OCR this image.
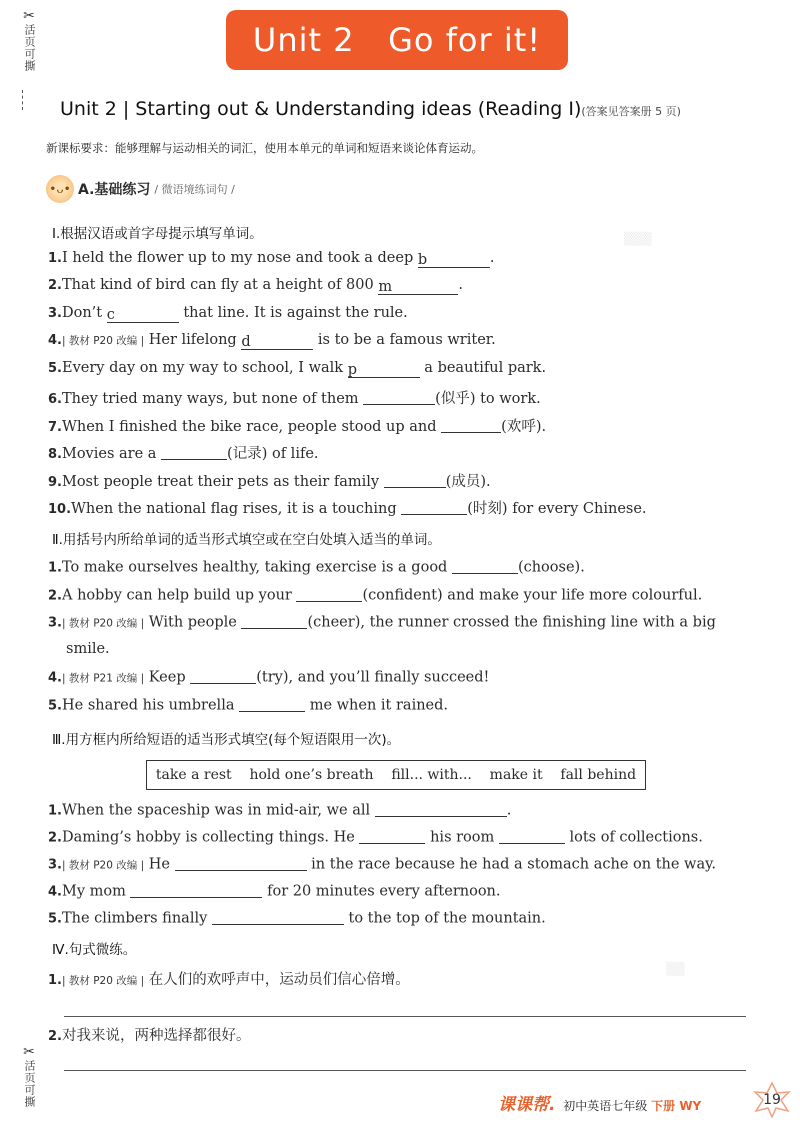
✂
活页可撕
✂
活页可撕
Unit 2   Go for it!
Unit 2 | Starting out & Understanding ideas (Reading Ⅰ)(答案见答案册 5 页)
新课标要求：能够理解与运动相关的词汇，使用本单元的单词和短语来谈论体育运动。
•ᴗ• A.基础练习 / 微语境练词句 /
▒▒▒
▒▒
Ⅰ.根据汉语或首字母提示填写单词。
1.I held the flower up to my nose and took a deep b	.
2.That kind of bird can fly at a height of 800 m	.
3.Don’t c	that line. It is against the rule.
4.| 教材 P20 改编 | Her lifelong d	is to be a famous writer.
5.Every day on my way to school, I walk p	a beautiful park.
6.They tried many ways, but none of them	(似乎) to work.
7.When I finished the bike race, people stood up and	(欢呼).
8.Movies are a	(记录) of life.
9.Most people treat their pets as their family	(成员).
10.When the national flag rises, it is a touching	(时刻) for every Chinese.
Ⅱ.用括号内所给单词的适当形式填空或在空白处填入适当的单词。
1.To make ourselves healthy, taking exercise is a good	(choose).
2.A hobby can help build up your	(confident) and make your life more colourful.
3.| 教材 P20 改编 | With people	(cheer), the runner crossed the finishing line with a big
smile.
4.| 教材 P21 改编 | Keep	(try), and you’ll finally succeed!
5.He shared his umbrella	me when it rained.
Ⅲ.用方框内所给短语的适当形式填空(每个短语限用一次)。
take a rest hold one’s breath fill... with... make it fall behind
1.When the spaceship was in mid-air, we all	.
2.Daming’s hobby is collecting things. He	his room	lots of collections.
3.| 教材 P20 改编 | He	in the race because he had a stomach ache on the way.
4.My mom	for 20 minutes every afternoon.
5.The climbers finally	to the top of the mountain.
Ⅳ.句式微练。
1.| 教材 P20 改编 | 在人们的欢呼声中，运动员们信心倍增。
2.对我来说，两种选择都很好。
课课帮. 初中英语七年级 下册 WY	19
